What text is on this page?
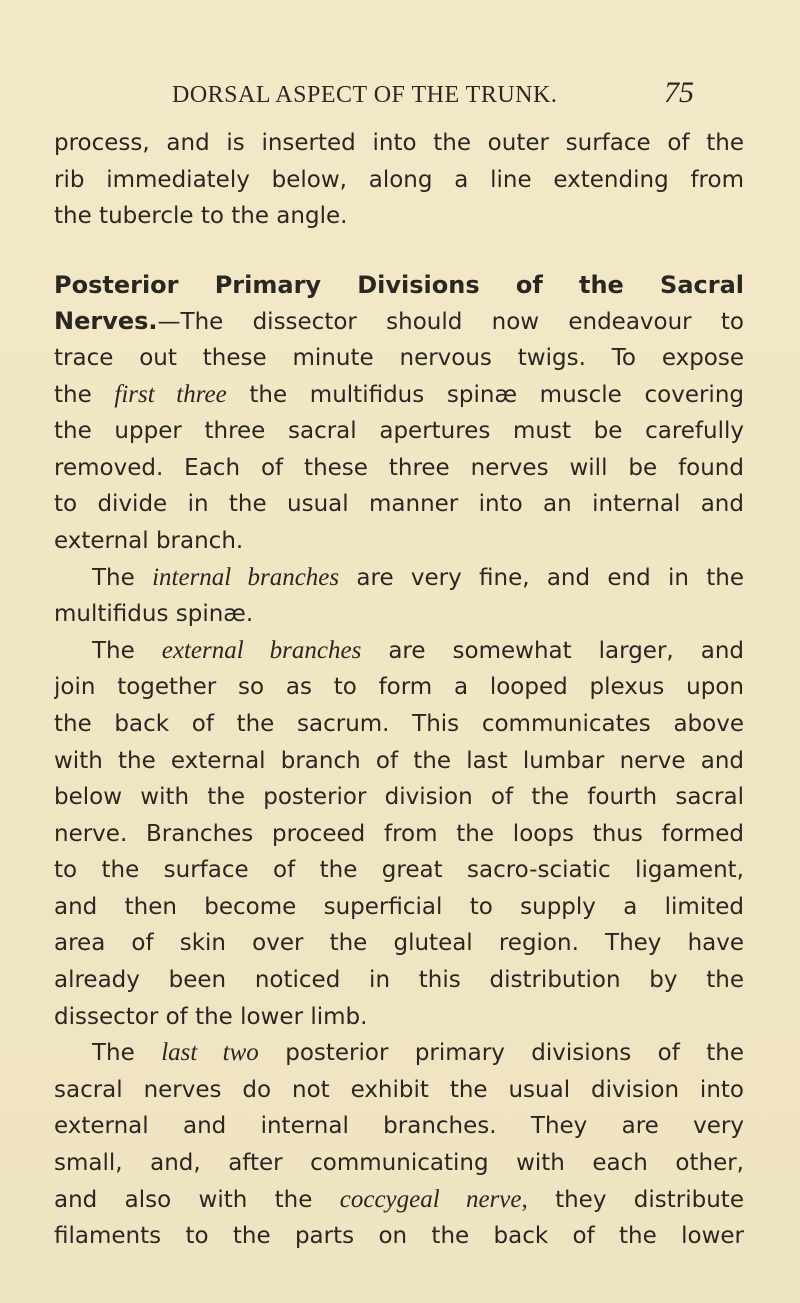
DORSAL ASPECT OF THE TRUNK.	75
process, and is inserted into the outer surface of the
rib immediately below, along a line extending from
the tubercle to the angle.
Posterior Primary Divisions of the Sacral
Nerves.—The dissector should now endeavour to
trace out these minute nervous twigs. To expose
the first three the multifidus spinæ muscle covering
the upper three sacral apertures must be carefully
removed. Each of these three nerves will be found
to divide in the usual manner into an internal and
external branch.
The internal branches are very fine, and end in the
multifidus spinæ.
The external branches are somewhat larger, and
join together so as to form a looped plexus upon
the back of the sacrum. This communicates above
with the external branch of the last lumbar nerve and
below with the posterior division of the fourth sacral
nerve. Branches proceed from the loops thus formed
to the surface of the great sacro-sciatic ligament,
and then become superficial to supply a limited
area of skin over the gluteal region. They have
already been noticed in this distribution by the
dissector of the lower limb.
The last two posterior primary divisions of the
sacral nerves do not exhibit the usual division into
external and internal branches. They are very
small, and, after communicating with each other,
and also with the coccygeal nerve, they distribute
filaments to the parts on the back of the lower
